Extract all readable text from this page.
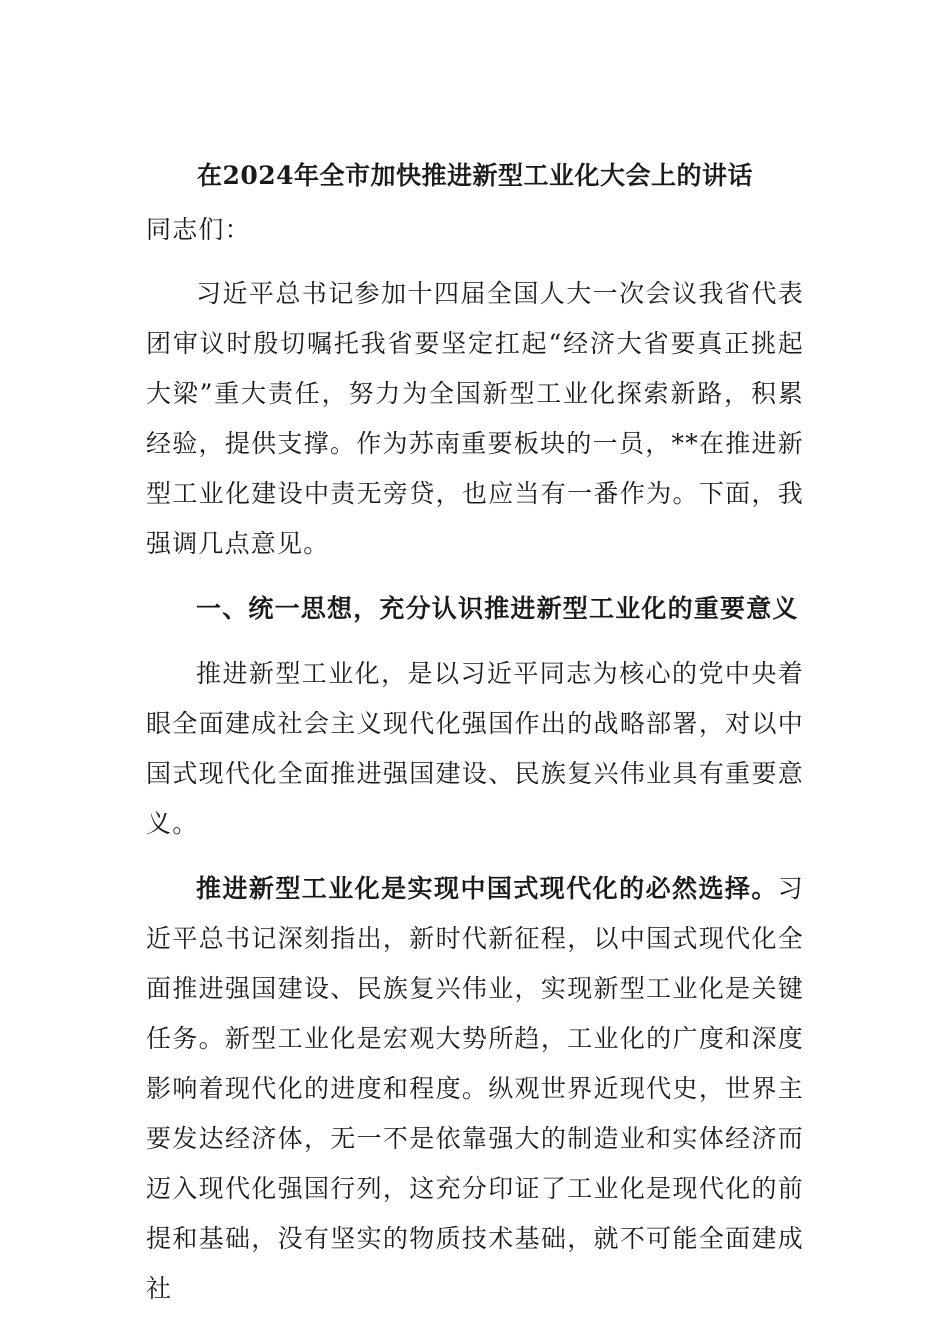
在2024年全市加快推进新型工业化大会上的讲话
同志们：
习近平总书记参加十四届全国人大一次会议我省代表团审议时殷切嘱托我省要坚定扛起“经济大省要真正挑起大梁”重大责任，努力为全国新型工业化探索新路，积累经验，提供支撑。作为苏南重要板块的一员，**在推进新型工业化建设中责无旁贷，也应当有一番作为。下面，我强调几点意见。
一、统一思想，充分认识推进新型工业化的重要意义
推进新型工业化，是以习近平同志为核心的党中央着眼全面建成社会主义现代化强国作出的战略部署，对以中国式现代化全面推进强国建设、民族复兴伟业具有重要意义。
推进新型工业化是实现中国式现代化的必然选择。习近平总书记深刻指出，新时代新征程，以中国式现代化全面推进强国建设、民族复兴伟业，实现新型工业化是关键任务。新型工业化是宏观大势所趋，工业化的广度和深度影响着现代化的进度和程度。纵观世界近现代史，世界主要发达经济体，无一不是依靠强大的制造业和实体经济而迈入现代化强国行列，这充分印证了工业化是现代化的前提和基础，没有坚实的物质技术基础，就不可能全面建成社
